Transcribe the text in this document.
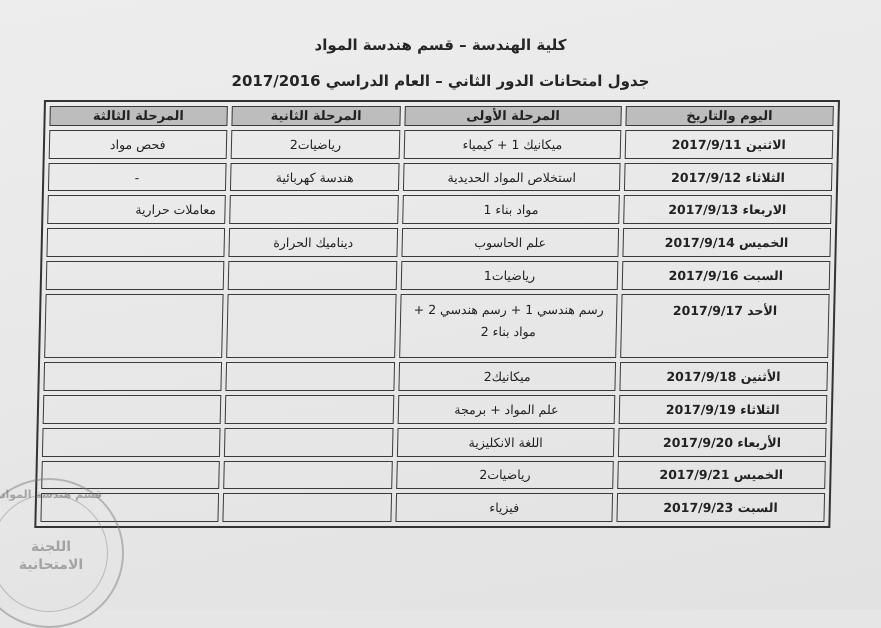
كلية الهندسة – قسم هندسة المواد
جدول امتحانات الدور الثاني – العام الدراسي 2017/2016
اليوم والتاريخ	المرحلة الأولى	المرحلة الثانية	المرحلة الثالثة
الاثنين 2017/9/11	ميكانيك 1 + كيمياء	رياضيات2	فحص مواد
الثلاثاء 2017/9/12	استخلاص المواد الحديدية	هندسة كهربائية	-
الاربعاء 2017/9/13	مواد بناء 1		معاملات حرارية
الخميس 2017/9/14	علم الحاسوب	ديناميك الحرارة	
السبت 2017/9/16	رياضيات1		
الأحد 2017/9/17	رسم هندسي 1 + رسم هندسي 2 + مواد بناء 2		
الأثنين 2017/9/18	ميكانيك2		
الثلاثاء 2017/9/19	علم المواد + برمجة		
الأربعاء 2017/9/20	اللغة الانكليزية		
الخميس 2017/9/21	رياضيات2		
السبت 2017/9/23	فيزياء		
قسم هندسة المواد
اللجنة
الامتحانية
